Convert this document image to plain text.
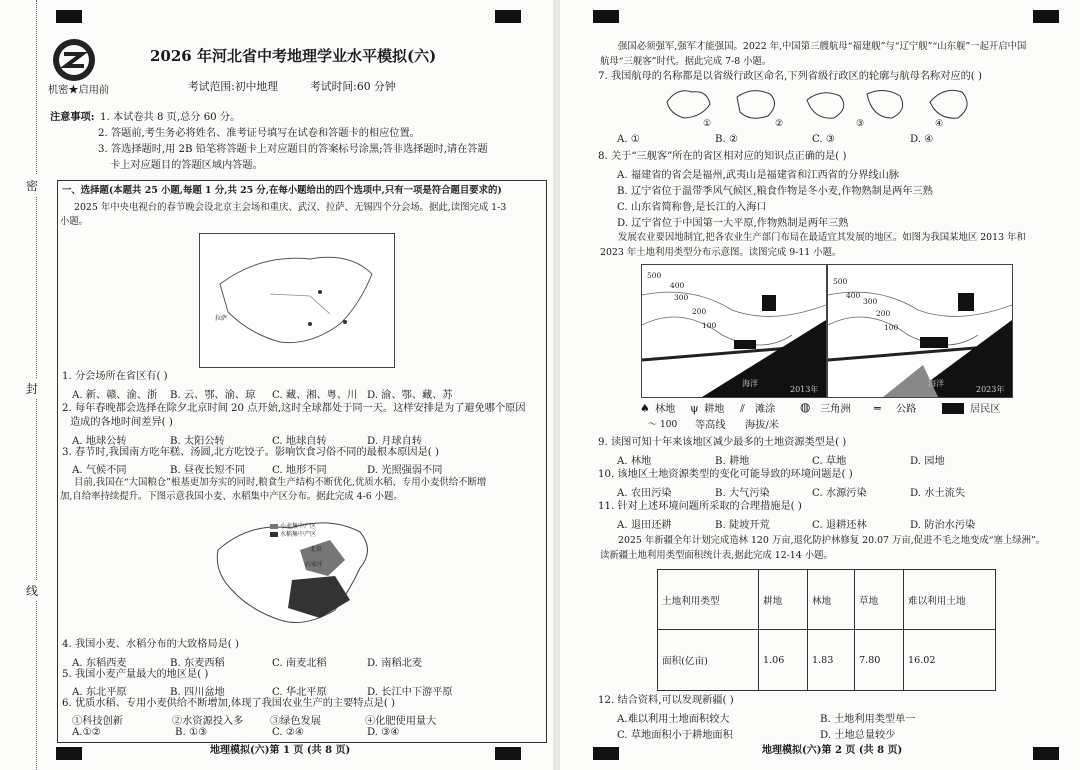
密
封
线
2026 年河北省中考地理学业水平模拟(六)
机密★启用前	考试范围:初中地理	考试时间:60 分钟
注意事项: 1. 本试卷共 8 页,总分 60 分。
2. 答题前,考生务必将姓名、准考证号填写在试卷和答题卡的相应位置。
3. 答选择题时,用 2B 铅笔将答题卡上对应题目的答案标号涂黑;答非选择题时,请在答题
卡上对应题目的答题区域内答题。
一、选择题(本题共 25 小题,每题 1 分,共 25 分,在每小题给出的四个选项中,只有一项是符合题目要求的)
2025 年中央电视台的春节晚会设北京主会场和重庆、武汉、拉萨、无锡四个分会场。据此,读图完成 1-3
小题。
拉萨
1. 分会场所在省区有( )
A. 新、赣、渝、浙 B. 云、鄂、渝、琼 C. 藏、湘、粤、川 D. 渝、鄂、藏、苏
2. 每年春晚都会选择在除夕北京时间 20 点开始,这时全球都处于同一天。这样安排是为了避免哪个原因
造成的各地时间差异( )
A. 地球公转	B. 太阳公转	C. 地球自转	D. 月球自转
3. 春节时,我国南方吃年糕、汤圆,北方吃饺子。影响饮食习俗不同的最根本原因是( )
A. 气候不同	B. 昼夜长短不同	C. 地形不同	D. 光照强弱不同
目前,我国在“大国粮仓”根基更加夯实的同时,粮食生产结构不断优化,优质水稻、专用小麦供给不断增
加,自给率持续提升。下图示意我国小麦、水稻集中产区分布。据此完成 4-6 小题。
小麦集中产区
水稻集中产区
北京
石家庄
4. 我国小麦、水稻分布的大致格局是( )
A. 东稻西麦	B. 东麦西稻	C. 南麦北稻	D. 南稻北麦
5. 我国小麦产量最大的地区是( )
A. 东北平原	B. 四川盆地	C. 华北平原	D. 长江中下游平原
6. 优质水稻、专用小麦供给不断增加,体现了我国农业生产的主要特点是( )
①科技创新	②水资源投入多	③绿色发展	④化肥使用量大
A.①②	B. ①③	C. ②④	D. ③④
地理模拟(六)第 1 页 (共 8 页)
强国必须强军,强军才能强国。2022 年,中国第三艘航母“福建舰”与“辽宁舰”“山东舰”一起开启中国
航母“三舰客”时代。据此完成 7-8 小题。
7. 我国航母的名称都是以省级行政区命名,下列省级行政区的轮廓与航母名称对应的( )
①	②	③	④
A. ①	B. ②	C. ③	D. ④
8. 关于“三舰客”所在的省区相对应的知识点正确的是( )
A. 福建省的省会是福州,武夷山是福建省和江西省的分界线山脉
B. 辽宁省位于温带季风气候区,粮食作物是冬小麦,作物熟制是两年三熟
C. 山东省简称鲁,是长江的入海口
D. 辽宁省位于中国第一大平原,作物熟制是两年三熟
发展农业要因地制宜,把各农业生产部门布局在最适宜其发展的地区。如图为我国某地区 2013 年和
2023 年土地利用类型分布示意图。读图完成 9-11 小题。
500
400
300
200
100
海洋
2013年
500
400
300
200
100
海洋
2023年
♠ 林地 ψ 耕地 ⫽ 滩涂 ◍ 三角洲 ═ 公路	居民区
～ 100 等高线 海拔/米
9. 读图可知十年来该地区减少最多的土地资源类型是( )
A. 林地	B. 耕地	C. 草地	D. 园地
10. 该地区土地资源类型的变化可能导致的环境问题是( )
A. 农田污染	B. 大气污染	C. 水源污染	D. 水土流失
11. 针对上述环境问题所采取的合理措施是( )
A. 退田还耕	B. 陡坡开荒	C. 退耕还林	D. 防治水污染
2025 年新疆全年计划完成造林 120 万亩,退化防护林修复 20.07 万亩,促进不毛之地变成“塞上绿洲”。
读新疆土地利用类型面积统计表,据此完成 12-14 小题。
土地利用类型	耕地	林地	草地	难以利用土地
面积(亿亩)	1.06	1.83	7.80	16.02
12. 结合资料,可以发现新疆( )
A.难以利用土地面积较大	B. 土地利用类型单一
C. 草地面积小于耕地面积	D. 土地总量较少
地理模拟(六)第 2 页 (共 8 页)
